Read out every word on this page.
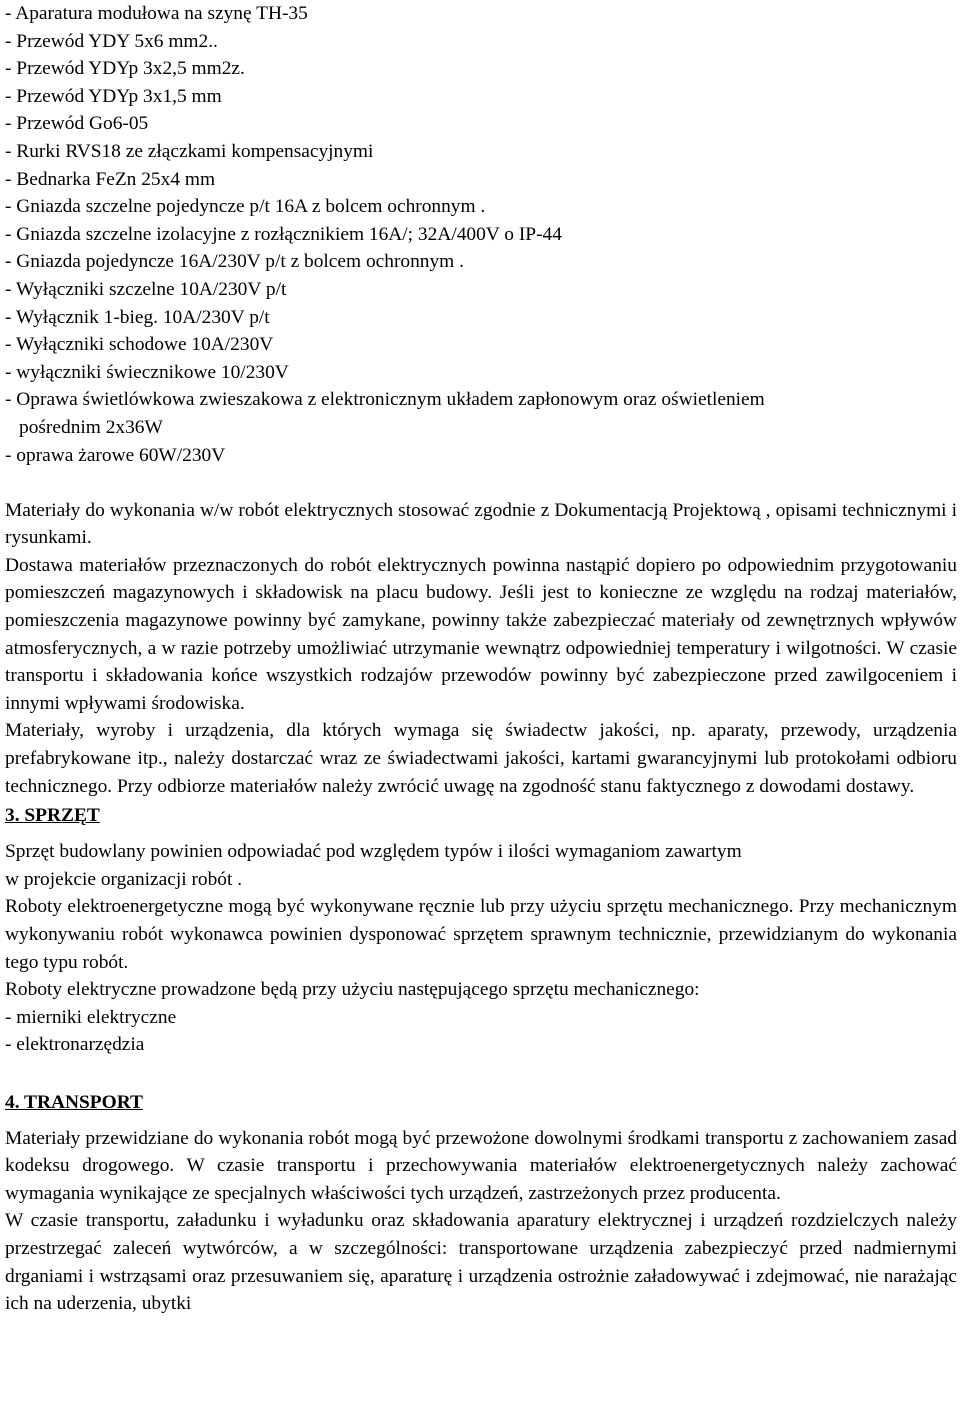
- Aparatura modułowa na szynę TH-35
- Przewód YDY 5x6 mm2..
- Przewód YDYp 3x2,5 mm2z.
- Przewód YDYp 3x1,5 mm
- Przewód Go6-05
- Rurki RVS18 ze złączkami kompensacyjnymi
- Bednarka FeZn 25x4 mm
- Gniazda szczelne pojedyncze p/t 16A z bolcem ochronnym .
- Gniazda szczelne izolacyjne z rozłącznikiem 16A/; 32A/400V o IP-44
- Gniazda pojedyncze 16A/230V p/t z bolcem ochronnym .
- Wyłączniki szczelne 10A/230V p/t
- Wyłącznik 1-bieg. 10A/230V p/t
- Wyłączniki schodowe 10A/230V
- wyłączniki świecznikowe 10/230V
- Oprawa świetlówkowa zwieszakowa z elektronicznym układem zapłonowym oraz oświetleniem
pośrednim 2x36W
- oprawa żarowe 60W/230V
Materiały do wykonania w/w robót elektrycznych stosować zgodnie z Dokumentacją Projektową , opisami technicznymi i rysunkami.
Dostawa materiałów przeznaczonych do robót elektrycznych powinna nastąpić dopiero po odpowiednim przygotowaniu pomieszczeń magazynowych i składowisk na placu budowy. Jeśli jest to konieczne ze względu na rodzaj materiałów, pomieszczenia magazynowe powinny być zamykane, powinny także zabezpieczać materiały od zewnętrznych wpływów atmosferycznych, a w razie potrzeby umożliwiać utrzymanie wewnątrz odpowiedniej temperatury i wilgotności. W czasie transportu i składowania końce wszystkich rodzajów przewodów powinny być zabezpieczone przed zawilgoceniem i innymi wpływami środowiska.
Materiały, wyroby i urządzenia, dla których wymaga się świadectw jakości, np. aparaty, przewody, urządzenia prefabrykowane itp., należy dostarczać wraz ze świadectwami jakości, kartami gwarancyjnymi lub protokołami odbioru technicznego. Przy odbiorze materiałów należy zwrócić uwagę na zgodność stanu faktycznego z dowodami dostawy.
3. SPRZĘT
Sprzęt budowlany powinien odpowiadać pod względem typów i ilości wymaganiom zawartym
w projekcie organizacji robót .
Roboty elektroenergetyczne mogą być wykonywane ręcznie lub przy użyciu sprzętu mechanicznego. Przy mechanicznym wykonywaniu robót wykonawca powinien dysponować sprzętem sprawnym technicznie, przewidzianym do wykonania tego typu robót.
Roboty elektryczne prowadzone będą przy użyciu następującego sprzętu mechanicznego:
- mierniki elektryczne
- elektronarzędzia
4. TRANSPORT
Materiały przewidziane do wykonania robót mogą być przewożone dowolnymi środkami transportu z zachowaniem zasad kodeksu drogowego. W czasie transportu i przechowywania materiałów elektroenergetycznych należy zachować wymagania wynikające ze specjalnych właściwości tych urządzeń, zastrzeżonych przez producenta.
W czasie transportu, załadunku i wyładunku oraz składowania aparatury elektrycznej i urządzeń rozdzielczych należy przestrzegać zaleceń wytwórców, a w szczególności: transportowane urządzenia zabezpieczyć przed nadmiernymi drganiami i wstrząsami oraz przesuwaniem się, aparaturę i urządzenia ostrożnie załadowywać i zdejmować, nie narażając ich na uderzenia, ubytki
